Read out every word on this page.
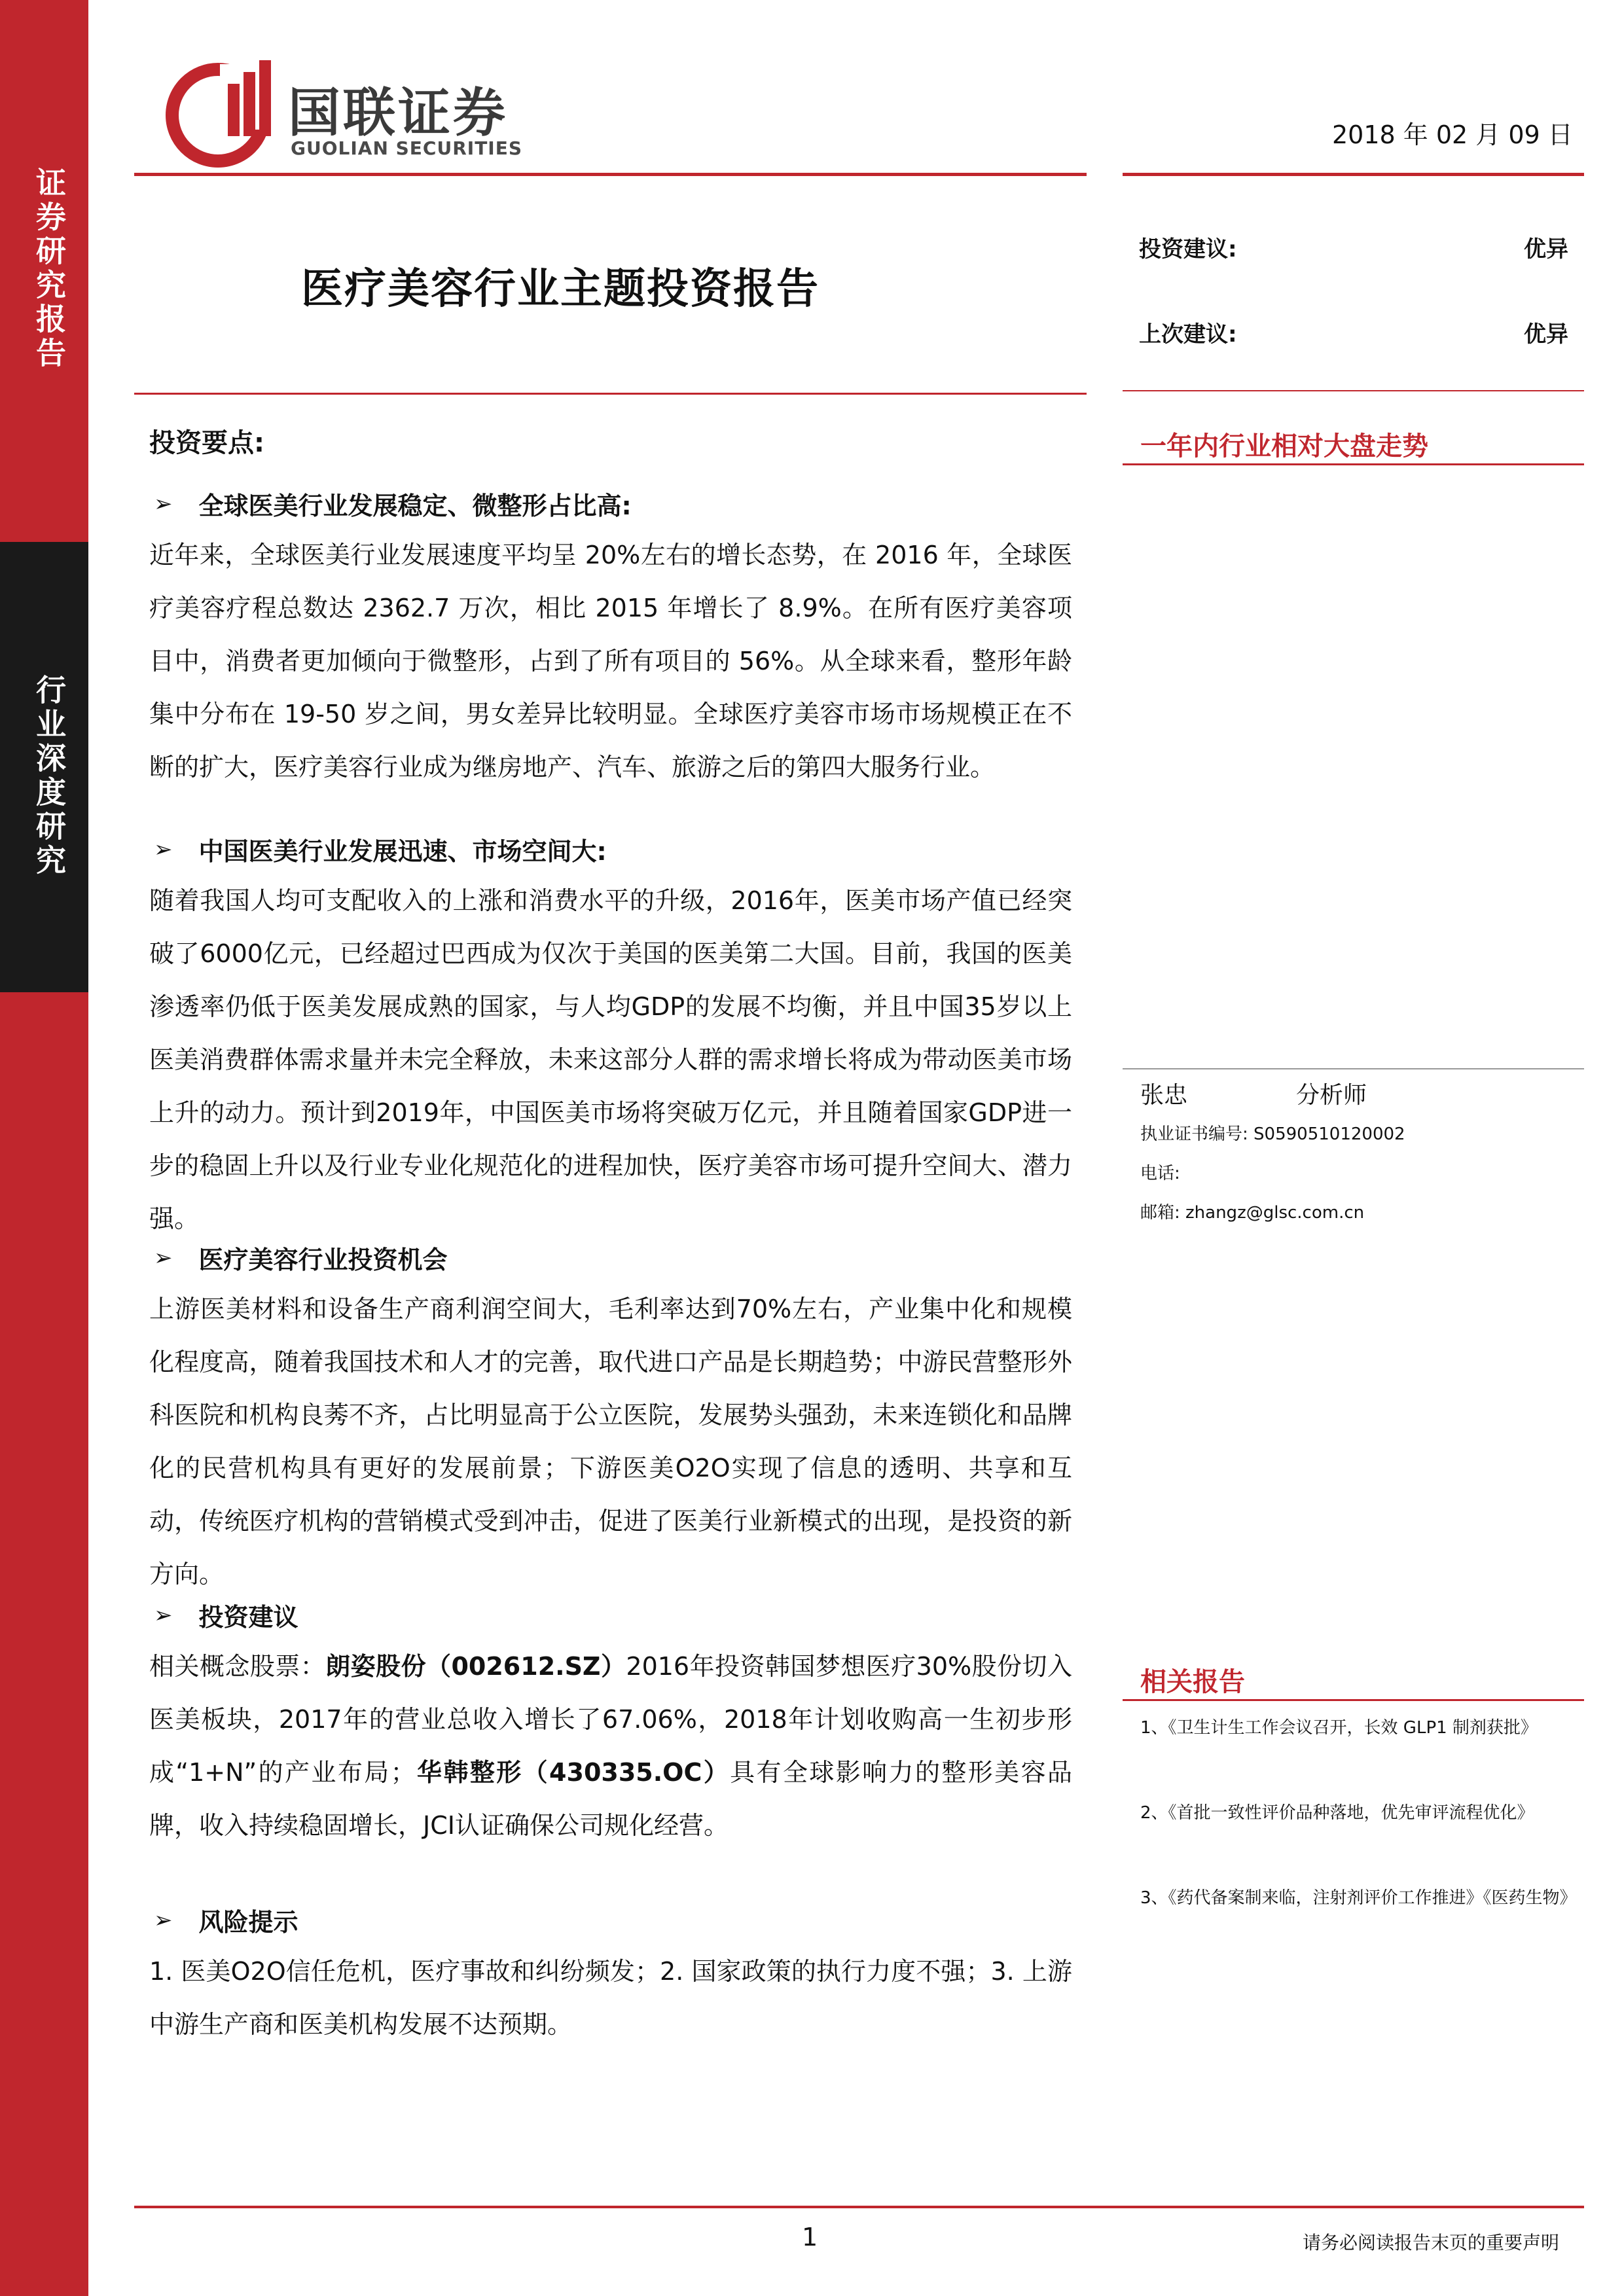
证券研究报告
行业深度研究
国联证券
GUOLIAN SECURITIES	2018 年 02 月 09 日
医疗美容行业主题投资报告
投资建议:	优异
上次建议:	优异
一年内行业相对大盘走势
投资要点:
➢ 全球医美行业发展稳定、微整形占比高:
近年来，全球医美行业发展速度平均呈 20%左右的增长态势，在 2016 年，全球医疗美容疗程总数达 2362.7 万次，相比 2015 年增长了 8.9%。在所有医疗美容项目中，消费者更加倾向于微整形，占到了所有项目的 56%。从全球来看，整形年龄集中分布在 19-50 岁之间，男女差异比较明显。全球医疗美容市场市场规模正在不断的扩大，医疗美容行业成为继房地产、汽车、旅游之后的第四大服务行业。
➢ 中国医美行业发展迅速、市场空间大:
随着我国人均可支配收入的上涨和消费水平的升级，2016年，医美市场产值已经突破了6000亿元，已经超过巴西成为仅次于美国的医美第二大国。目前，我国的医美渗透率仍低于医美发展成熟的国家，与人均GDP的发展不均衡，并且中国35岁以上医美消费群体需求量并未完全释放，未来这部分人群的需求增长将成为带动医美市场上升的动力。预计到2019年，中国医美市场将突破万亿元，并且随着国家GDP进一步的稳固上升以及行业专业化规范化的进程加快，医疗美容市场可提升空间大、潜力强。
➢ 医疗美容行业投资机会
上游医美材料和设备生产商利润空间大，毛利率达到70%左右，产业集中化和规模化程度高，随着我国技术和人才的完善，取代进口产品是长期趋势；中游民营整形外科医院和机构良莠不齐，占比明显高于公立医院，发展势头强劲，未来连锁化和品牌化的民营机构具有更好的发展前景；下游医美O2O实现了信息的透明、共享和互动，传统医疗机构的营销模式受到冲击，促进了医美行业新模式的出现，是投资的新方向。
➢ 投资建议
相关概念股票：朗姿股份（002612.SZ）2016年投资韩国梦想医疗30%股份切入医美板块，2017年的营业总收入增长了67.06%，2018年计划收购高一生初步形成“1+N”的产业布局；华韩整形（430335.OC）具有全球影响力的整形美容品牌，收入持续稳固增长，JCI认证确保公司规化经营。
➢ 风险提示
1. 医美O2O信任危机，医疗事故和纠纷频发；2. 国家政策的执行力度不强；3. 上游中游生产商和医美机构发展不达预期。
张忠	分析师
执业证书编号: S0590510120002
电话:
邮箱: zhangz@glsc.com.cn
相关报告
1、《卫生计生工作会议召开，长效 GLP1 制剂获批》
2、《首批一致性评价品种落地，优先审评流程优化》
3、《药代备案制来临，注射剂评价工作推进》《医药生物》
1	请务必阅读报告末页的重要声明
